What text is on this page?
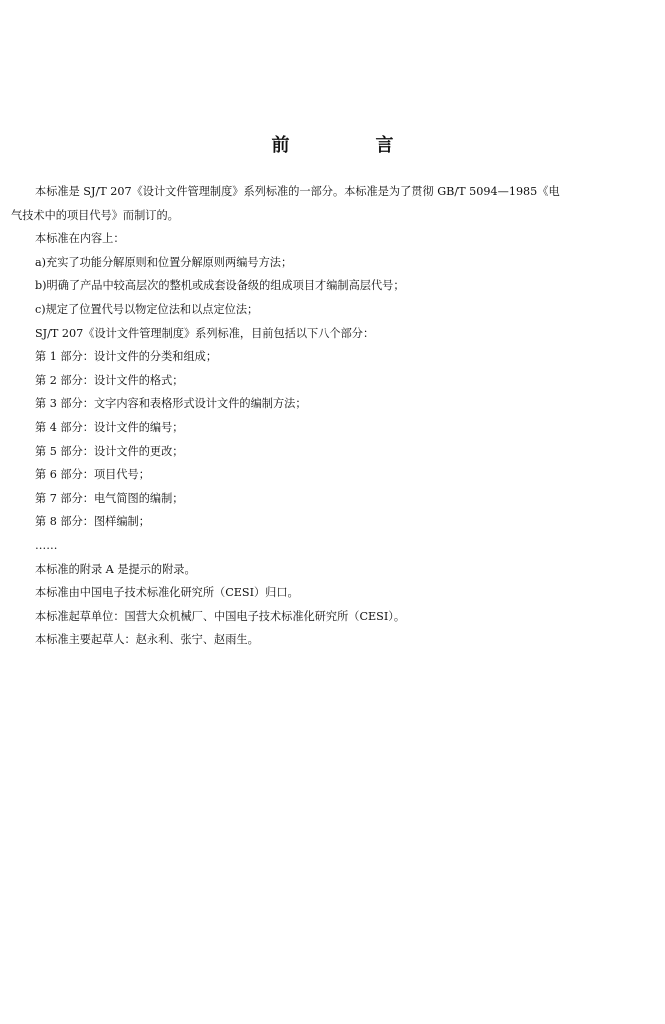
前　言
本标准是 SJ/T 207《设计文件管理制度》系列标准的一部分。本标准是为了贯彻 GB/T 5094—1985《电
气技术中的项目代号》而制订的。
本标准在内容上：
a)充实了功能分解原则和位置分解原则两编号方法；
b)明确了产品中较高层次的整机或成套设备级的组成项目才编制高层代号；
c)规定了位置代号以物定位法和以点定位法；
SJ/T 207《设计文件管理制度》系列标准，目前包括以下八个部分：
第 1 部分：设计文件的分类和组成；
第 2 部分：设计文件的格式；
第 3 部分：文字内容和表格形式设计文件的编制方法；
第 4 部分：设计文件的编号；
第 5 部分：设计文件的更改；
第 6 部分：项目代号；
第 7 部分：电气简图的编制；
第 8 部分：图样编制；
……
本标准的附录 A 是提示的附录。
本标准由中国电子技术标准化研究所（CESI）归口。
本标准起草单位：国营大众机械厂、中国电子技术标准化研究所（CESI）。
本标准主要起草人：赵永利、张宁、赵雨生。
